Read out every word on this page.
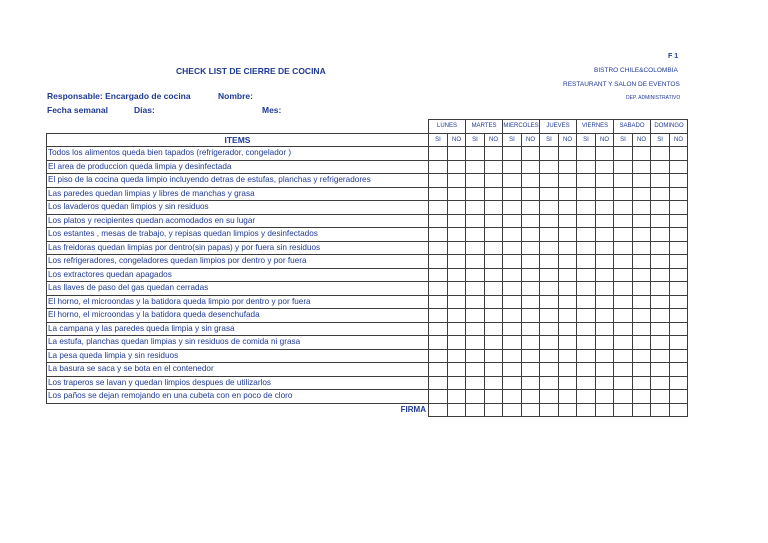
F 1
CHECK LIST DE CIERRE DE COCINA	BISTRO CHILE&COLOMBIA
RESTAURANT Y SALON DE EVENTOS
DEP. ADMINISTRATIVO
Responsable: Encargado de cocina	Nombre:
Fecha semanal	Días:	Mes:
	LUNES		MARTES		MIERCOLES		JUEVES		VIERNES		SABADO		DOMINGO	
ITEMS	SI	NO	SI	NO	SI	NO	SI	NO	SI	NO	SI	NO	SI	NO
Todos los alimentos queda bien tapados (refrigerador, congelador )														
El area de produccion queda limpia y desinfectada														
El piso de la cocina queda limpio incluyendo detras de estufas, planchas y refrigeradores														
Las paredes quedan limpias y libres de manchas y grasa														
Los lavaderos quedan limpios y sin residuos														
Los platos y recipientes quedan acomodados en su lugar														
Los estantes , mesas de trabajo, y repisas quedan limpios y desinfectados														
Las freidoras quedan limpias por dentro(sin papas) y por fuera sin residuos														
Los refrigeradores, congeladores quedan limpios por dentro y por fuera														
Los extractores quedan apagados														
Las llaves de paso del gas quedan cerradas														
El horno, el microondas y la batidora queda limpio por dentro y por fuera														
El horno, el microondas y la batidora queda desenchufada														
La campana y las paredes queda limpia y sin grasa														
La estufa, planchas quedan limpias y sin residuos de comida ni grasa														
La pesa queda limpia y sin residuos														
La basura se saca y se bota en el contenedor														
Los traperos se lavan y quedan limpios despues de utilizarlos														
Los paños se dejan remojando en una cubeta con en poco de cloro														
FIRMA														
